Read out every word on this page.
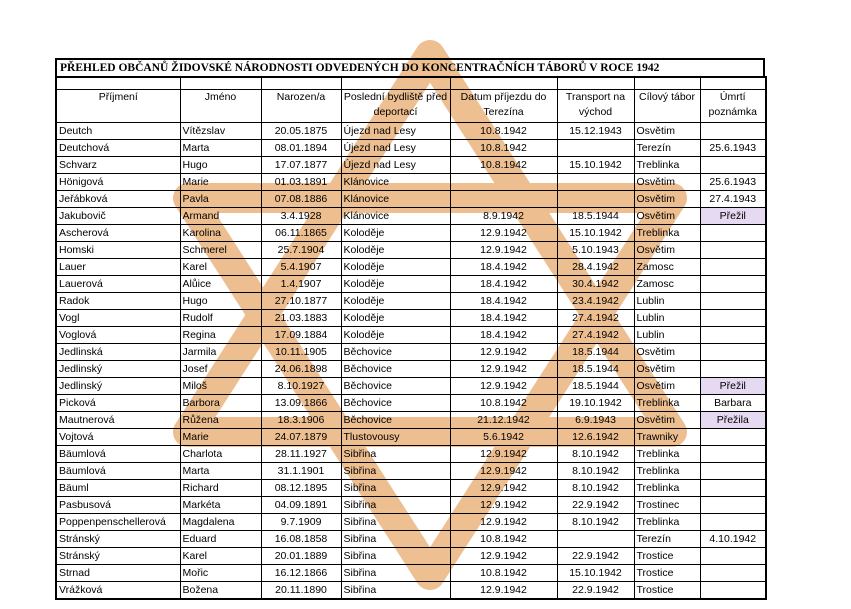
PŘEHLED OBČANŮ ŽIDOVSKÉ NÁRODNOSTI ODVEDENÝCH DO KONCENTRAČNÍCH TÁBORŮ V ROCE 1942

Příjmení	Jméno	Narozen/a	Poslední bydliště před deportací	Datum příjezdu do Terezína	Transport na východ	Cílový tábor	Úmrtí poznámka
Deutch	Vítězslav	20.05.1875	Újezd nad Lesy	10.8.1942	15.12.1943	Osvětim	
Deutchová	Marta	08.01.1894	Újezd nad Lesy	10.8.1942		Terezín	25.6.1943
Schvarz	Hugo	17.07.1877	Újezd nad Lesy	10.8.1942	15.10.1942	Treblinka	
Hönigová	Marie	01.03.1891	Klánovice			Osvětim	25.6.1943
Jeřábková	Pavla	07.08.1886	Klánovice			Osvětim	27.4.1943
Jakubovič	Armand	3.4.1928	Klánovice	8.9.1942	18.5.1944	Osvětim	Přežil
Ascherová	Karolina	06.11.1865	Koloděje	12.9.1942	15.10.1942	Treblinka	
Homski	Schmerel	25.7.1904	Koloděje	12.9.1942	5.10.1943	Osvětim	
Lauer	Karel	5.4.1907	Koloděje	18.4.1942	28.4.1942	Zamosc	
Lauerová	Alůice	1.4.1907	Koloděje	18.4.1942	30.4.1942	Zamosc	
Radok	Hugo	27.10.1877	Koloděje	18.4.1942	23.4.1942	Lublin	
Vogl	Rudolf	21.03.1883	Koloděje	18.4.1942	27.4.1942	Lublin	
Voglová	Regina	17.09.1884	Koloděje	18.4.1942	27.4.1942	Lublin	
Jedlinská	Jarmila	10.11.1905	Běchovice	12.9.1942	18.5.1944	Osvětim	
Jedlinský	Josef	24.06.1898	Běchovice	12.9.1942	18.5.1944	Osvětim	
Jedlinský	Miloš	8.10.1927	Běchovice	12.9.1942	18.5.1944	Osvětim	Přežil
Picková	Barbora	13.09.1866	Běchovice	10.8.1942	19.10.1942	Treblinka	Barbara
Mautnerová	Růžena	18.3.1906	Běchovice	21.12.1942	6.9.1943	Osvětim	Přežila
Vojtová	Marie	24.07.1879	Tlustovousy	5.6.1942	12.6.1942	Trawniky	
Bäumlová	Charlota	28.11.1927	Sibřina	12.9.1942	8.10.1942	Treblinka	
Bäumlová	Marta	31.1.1901	Sibřina	12.9.1942	8.10.1942	Treblinka	
Bäuml	Richard	08.12.1895	Sibřina	12.9.1942	8.10.1942	Treblinka	
Pasbusová	Markéta	04.09.1891	Sibřina	12.9.1942	22.9.1942	Trostinec	
Poppenpenschellerová	Magdalena	9.7.1909	Sibřina	12.9.1942	8.10.1942	Treblinka	
Stránský	Eduard	16.08.1858	Sibřina	10.8.1942		Terezín	4.10.1942
Stránský	Karel	20.01.1889	Sibřina	12.9.1942	22.9.1942	Trostice	
Strnad	Mořic	16.12.1866	Sibřina	10.8.1942	15.10.1942	Trostice	
Vrážková	Božena	20.11.1890	Sibřina	12.9.1942	22.9.1942	Trostice	
